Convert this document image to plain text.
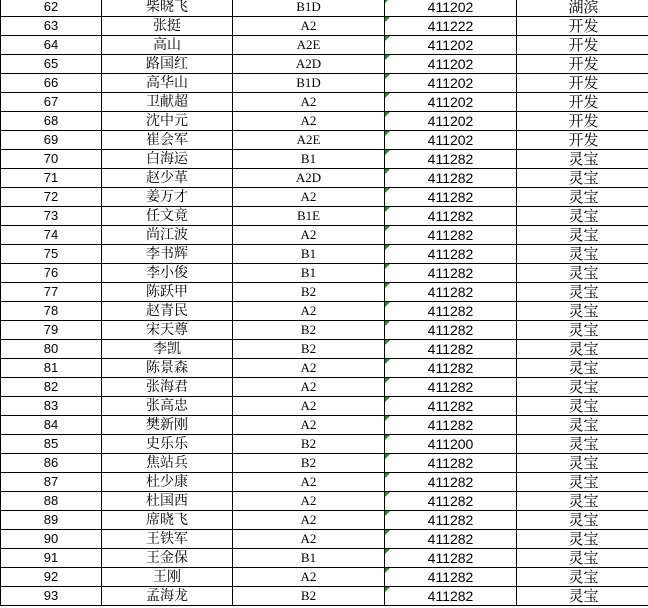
62	柴晓飞	B1D	411202	湖滨
63	张挺	A2	411222	开发
64	高山	A2E	411202	开发
65	路国红	A2D	411202	开发
66	高华山	B1D	411202	开发
67	卫献超	A2	411202	开发
68	沈中元	A2	411202	开发
69	崔会军	A2E	411202	开发
70	白海运	B1	411282	灵宝
71	赵少革	A2D	411282	灵宝
72	姜万才	A2	411282	灵宝
73	任文竟	B1E	411282	灵宝
74	尚江波	A2	411282	灵宝
75	李书辉	B1	411282	灵宝
76	李小俊	B1	411282	灵宝
77	陈跃甲	B2	411282	灵宝
78	赵青民	A2	411282	灵宝
79	宋天尊	B2	411282	灵宝
80	李凯	B2	411282	灵宝
81	陈景森	A2	411282	灵宝
82	张海君	A2	411282	灵宝
83	张高忠	A2	411282	灵宝
84	樊新刚	A2	411282	灵宝
85	史乐乐	B2	411200	灵宝
86	焦站兵	B2	411282	灵宝
87	杜少康	A2	411282	灵宝
88	杜国西	A2	411282	灵宝
89	席晓飞	A2	411282	灵宝
90	王铁军	A2	411282	灵宝
91	王金保	B1	411282	灵宝
92	王刚	A2	411282	灵宝
93	孟海龙	B2	411282	灵宝
